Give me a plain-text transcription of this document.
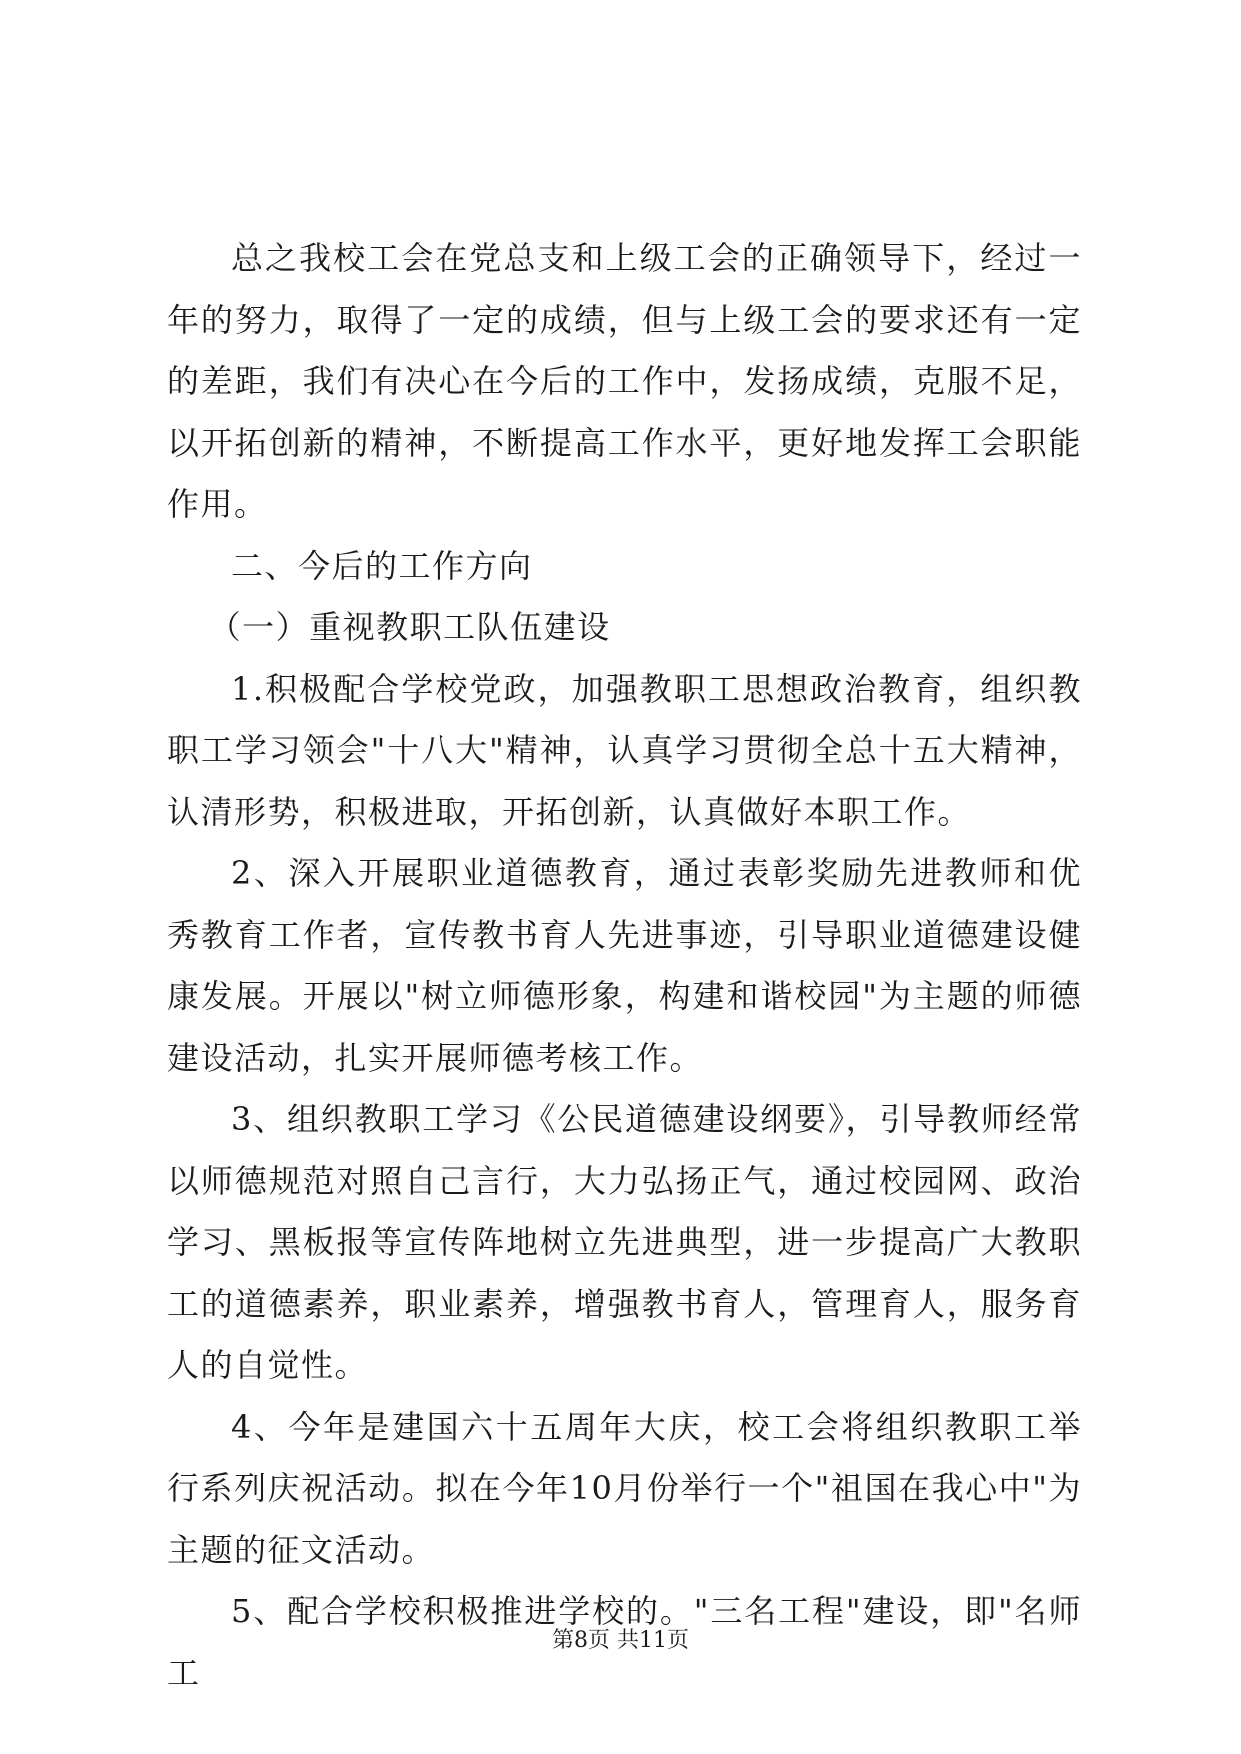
总之我校工会在党总支和上级工会的正确领导下，经过一年的努力，取得了一定的成绩，但与上级工会的要求还有一定的差距，我们有决心在今后的工作中，发扬成绩，克服不足，以开拓创新的精神，不断提高工作水平，更好地发挥工会职能作用。

二、今后的工作方向

（一）重视教职工队伍建设

1.积极配合学校党政，加强教职工思想政治教育，组织教职工学习领会"十八大"精神，认真学习贯彻全总十五大精神，认清形势，积极进取，开拓创新，认真做好本职工作。

2、深入开展职业道德教育，通过表彰奖励先进教师和优秀教育工作者，宣传教书育人先进事迹，引导职业道德建设健康发展。开展以"树立师德形象，构建和谐校园"为主题的师德建设活动，扎实开展师德考核工作。

3、组织教职工学习《公民道德建设纲要》，引导教师经常以师德规范对照自己言行，大力弘扬正气，通过校园网、政治学习、黑板报等宣传阵地树立先进典型，进一步提高广大教职工的道德素养，职业素养，增强教书育人，管理育人，服务育人的自觉性。

4、今年是建国六十五周年大庆，校工会将组织教职工举行系列庆祝活动。拟在今年10月份举行一个"祖国在我心中"为主题的征文活动。

5、配合学校积极推进学校的。"三名工程"建设，即"名师工

第8页 共11页
